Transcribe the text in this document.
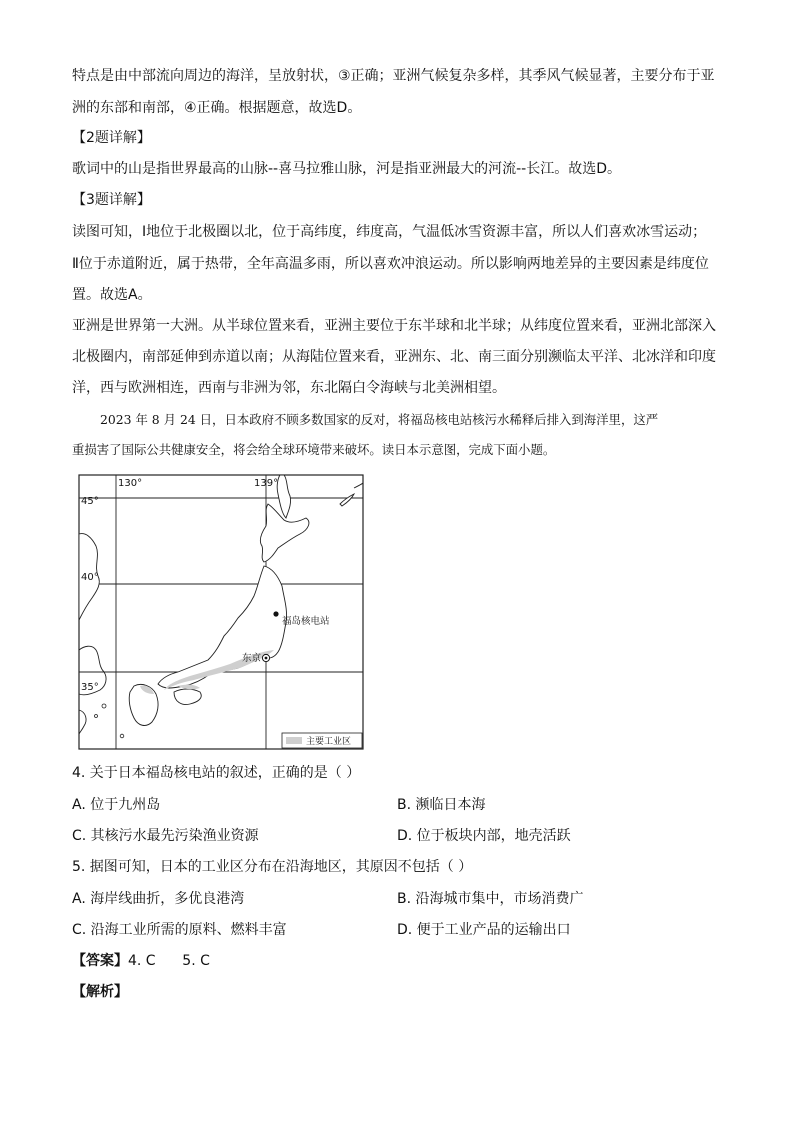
特点是由中部流向周边的海洋，呈放射状，③正确；亚洲气候复杂多样，其季风气候显著，主要分布于亚
洲的东部和南部，④正确。根据题意，故选D。
【2题详解】
歌词中的山是指世界最高的山脉--喜马拉雅山脉，河是指亚洲最大的河流--长江。故选D。
【3题详解】
读图可知，I地位于北极圈以北，位于高纬度，纬度高，气温低冰雪资源丰富，所以人们喜欢冰雪运动；
Ⅱ位于赤道附近，属于热带，全年高温多雨，所以喜欢冲浪运动。所以影响两地差异的主要因素是纬度位
置。故选A。
亚洲是世界第一大洲。从半球位置来看，亚洲主要位于东半球和北半球；从纬度位置来看，亚洲北部深入
北极圈内，南部延伸到赤道以南；从海陆位置来看，亚洲东、北、南三面分别濒临太平洋、北冰洋和印度
洋，西与欧洲相连，西南与非洲为邻，东北隔白令海峡与北美洲相望。
2023 年 8 月 24 日，日本政府不顾多数国家的反对，将福岛核电站核污水稀释后排入到海洋里，这严
重损害了国际公共健康安全，将会给全球环境带来破坏。读日本示意图，完成下面小题。
130°	139°
45°
40°
35°
福岛核电站
东京
主要工业区
4. 关于日本福岛核电站的叙述，正确的是（ ）
A. 位于九州岛	B. 濒临日本海
C. 其核污水最先污染渔业资源	D. 位于板块内部，地壳活跃
5. 据图可知，日本的工业区分布在沿海地区，其原因不包括（ ）
A. 海岸线曲折，多优良港湾	B. 沿海城市集中，市场消费广
C. 沿海工业所需的原料、燃料丰富	D. 便于工业产品的运输出口
【答案】4. C      5. C
【解析】
